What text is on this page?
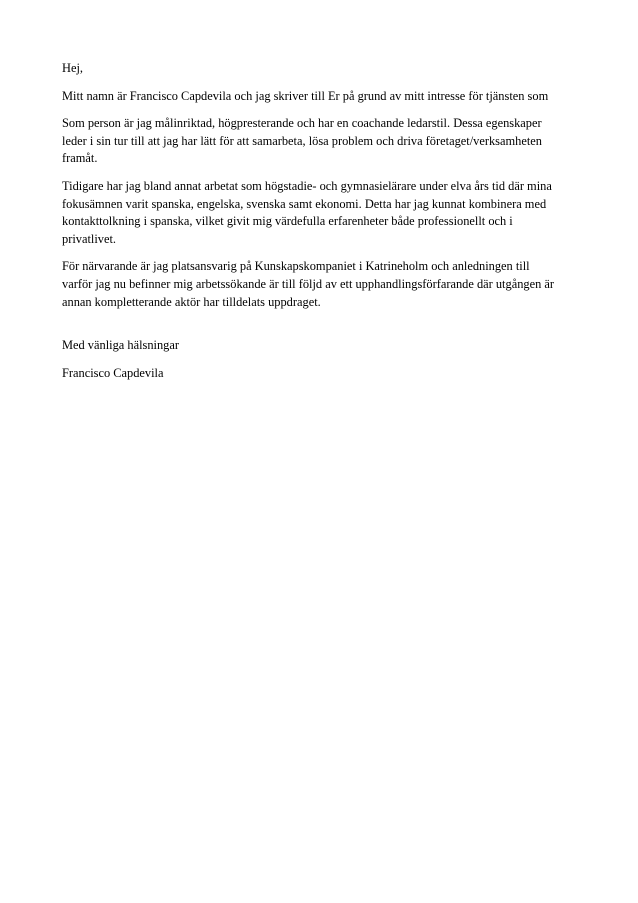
Hej,

Mitt namn är Francisco Capdevila och jag skriver till Er på grund av mitt intresse för tjänsten som

Som person är jag målinriktad, högpresterande och har en coachande ledarstil. Dessa egenskaper
leder i sin tur till att jag har lätt för att samarbeta, lösa problem och driva företaget/verksamheten
framåt.

Tidigare har jag bland annat arbetat som högstadie- och gymnasielärare under elva års tid där mina
fokusämnen varit spanska, engelska, svenska samt ekonomi. Detta har jag kunnat kombinera med
kontakttolkning i spanska, vilket givit mig värdefulla erfarenheter både professionellt och i
privatlivet.

För närvarande är jag platsansvarig på Kunskapskompaniet i Katrineholm och anledningen till
varför jag nu befinner mig arbetssökande är till följd av ett upphandlingsförfarande där utgången är
annan kompletterande aktör har tilldelats uppdraget.

Med vänliga hälsningar

Francisco Capdevila
